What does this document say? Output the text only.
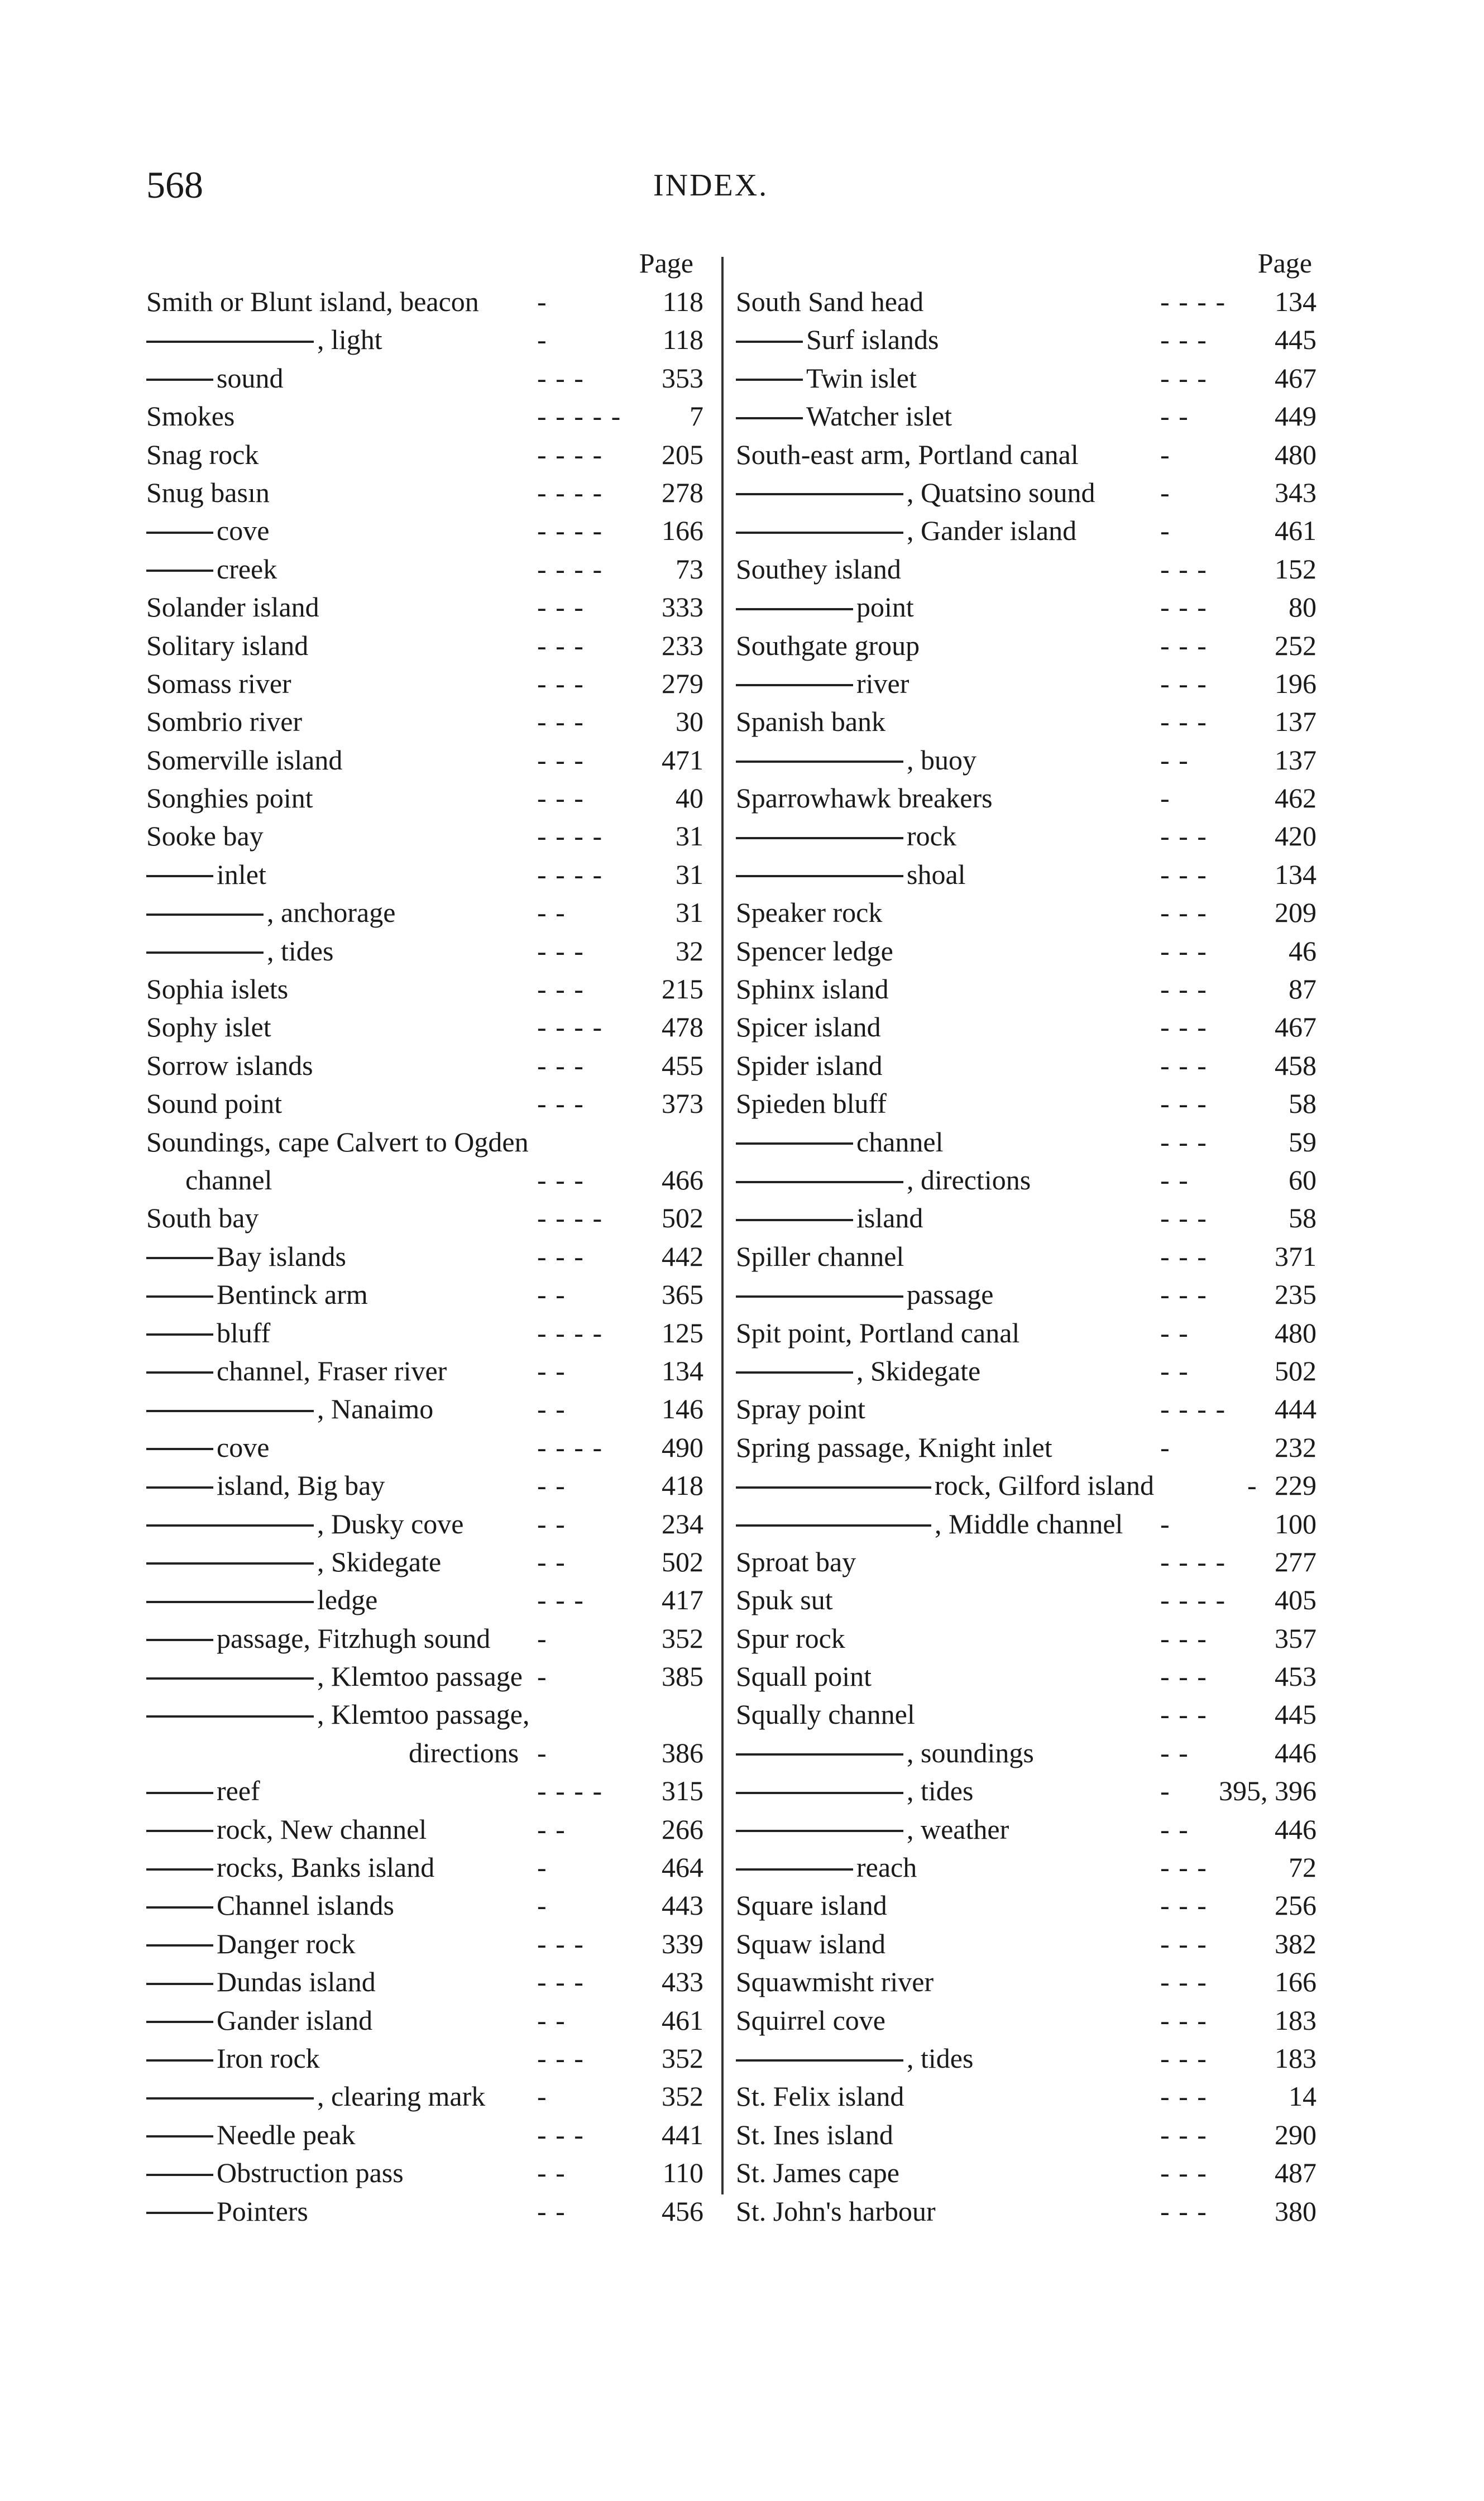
568	INDEX.
Page
Smith or Blunt island, beacon -	118
, light	-	118
sound	- - -	353
Smokes	- - - - - 7
Snag rock	- - - - 205
Snug basın	- - - - 278
cove	- - - - 166
creek	- - - -	73
Solander island	- - -	333
Solitary island	- - -	233
Somass river	- - -	279
Sombrio river	- - -	30
Somerville island	- - -	471
Songhies point	- - -	40
Sooke bay	- - - -	31
inlet	- - - -	31
, anchorage	- -	31
, tides	- - -	32
Sophia islets	- - -	215
Sophy islet	- - - - 478
Sorrow islands	- - -	455
Sound point	- - -	373
Soundings, cape Calvert to Ogden
channel	- - -	466
South bay	- - - - 502
Bay islands	- - -	442
Bentinck arm	- -	365
bluff	- - - - 125
channel, Fraser river	- -	134
, Nanaimo	- -	146
cove	- - - - 490
island, Big bay	- -	418
, Dusky cove	- -	234
, Skidegate	- -	502
ledge	- - -	417
passage, Fitzhugh sound -	352
, Klemtoo passage -	385
, Klemtoo passage,
directions -	386
reef	- - - - 315
rock, New channel	- -	266
rocks, Banks island	-	464
Channel islands	-	443
Danger rock	- - -	339
Dundas island	- - -	433
Gander island	- -	461
Iron rock	- - -	352
, clearing mark -	352
Needle peak	- - -	441
Obstruction pass	- -	110
Pointers	- -	456
Page
South Sand head	- - - - 134
Surf islands	- - - 445
Twin islet	- - - 467
Watcher islet	- -	449
South-east arm, Portland canal	-	480
, Quatsino sound -	343
, Gander island	-	461
Southey island	- - - 152
point	- - -	80
Southgate group	- - - 252
river	- - - 196
Spanish bank	- - - 137
, buoy	- -	137
Sparrowhawk breakers	-	462
rock	- - - 420
shoal	- - - 134
Speaker rock	- - - 209
Spencer ledge	- - -	46
Sphinx island	- - -	87
Spicer island	- - - 467
Spider island	- - - 458
Spieden bluff	- - -	58
channel	- - -	59
, directions	- -	60
island	- - -	58
Spiller channel	- - - 371
passage	- - - 235
Spit point, Portland canal	- -	480
, Skidegate	- -	502
Spray point	- - - - 444
Spring passage, Knight inlet	-	232
rock, Gilford island	- 229
, Middle channel -	100
Sproat bay	- - - - 277
Spuk sut	- - - - 405
Spur rock	- - - 357
Squall point	- - - 453
Squally channel	- - - 445
, soundings	- -	446
, tides	- 395, 396
, weather	- -	446
reach	- - -	72
Square island	- - - 256
Squaw island	- - - 382
Squawmisht river	- - - 166
Squirrel cove	- - - 183
, tides	- - - 183
St. Felix island	- - -	14
St. Ines island	- - - 290
St. James cape	- - - 487
St. John's harbour	- - - 380
